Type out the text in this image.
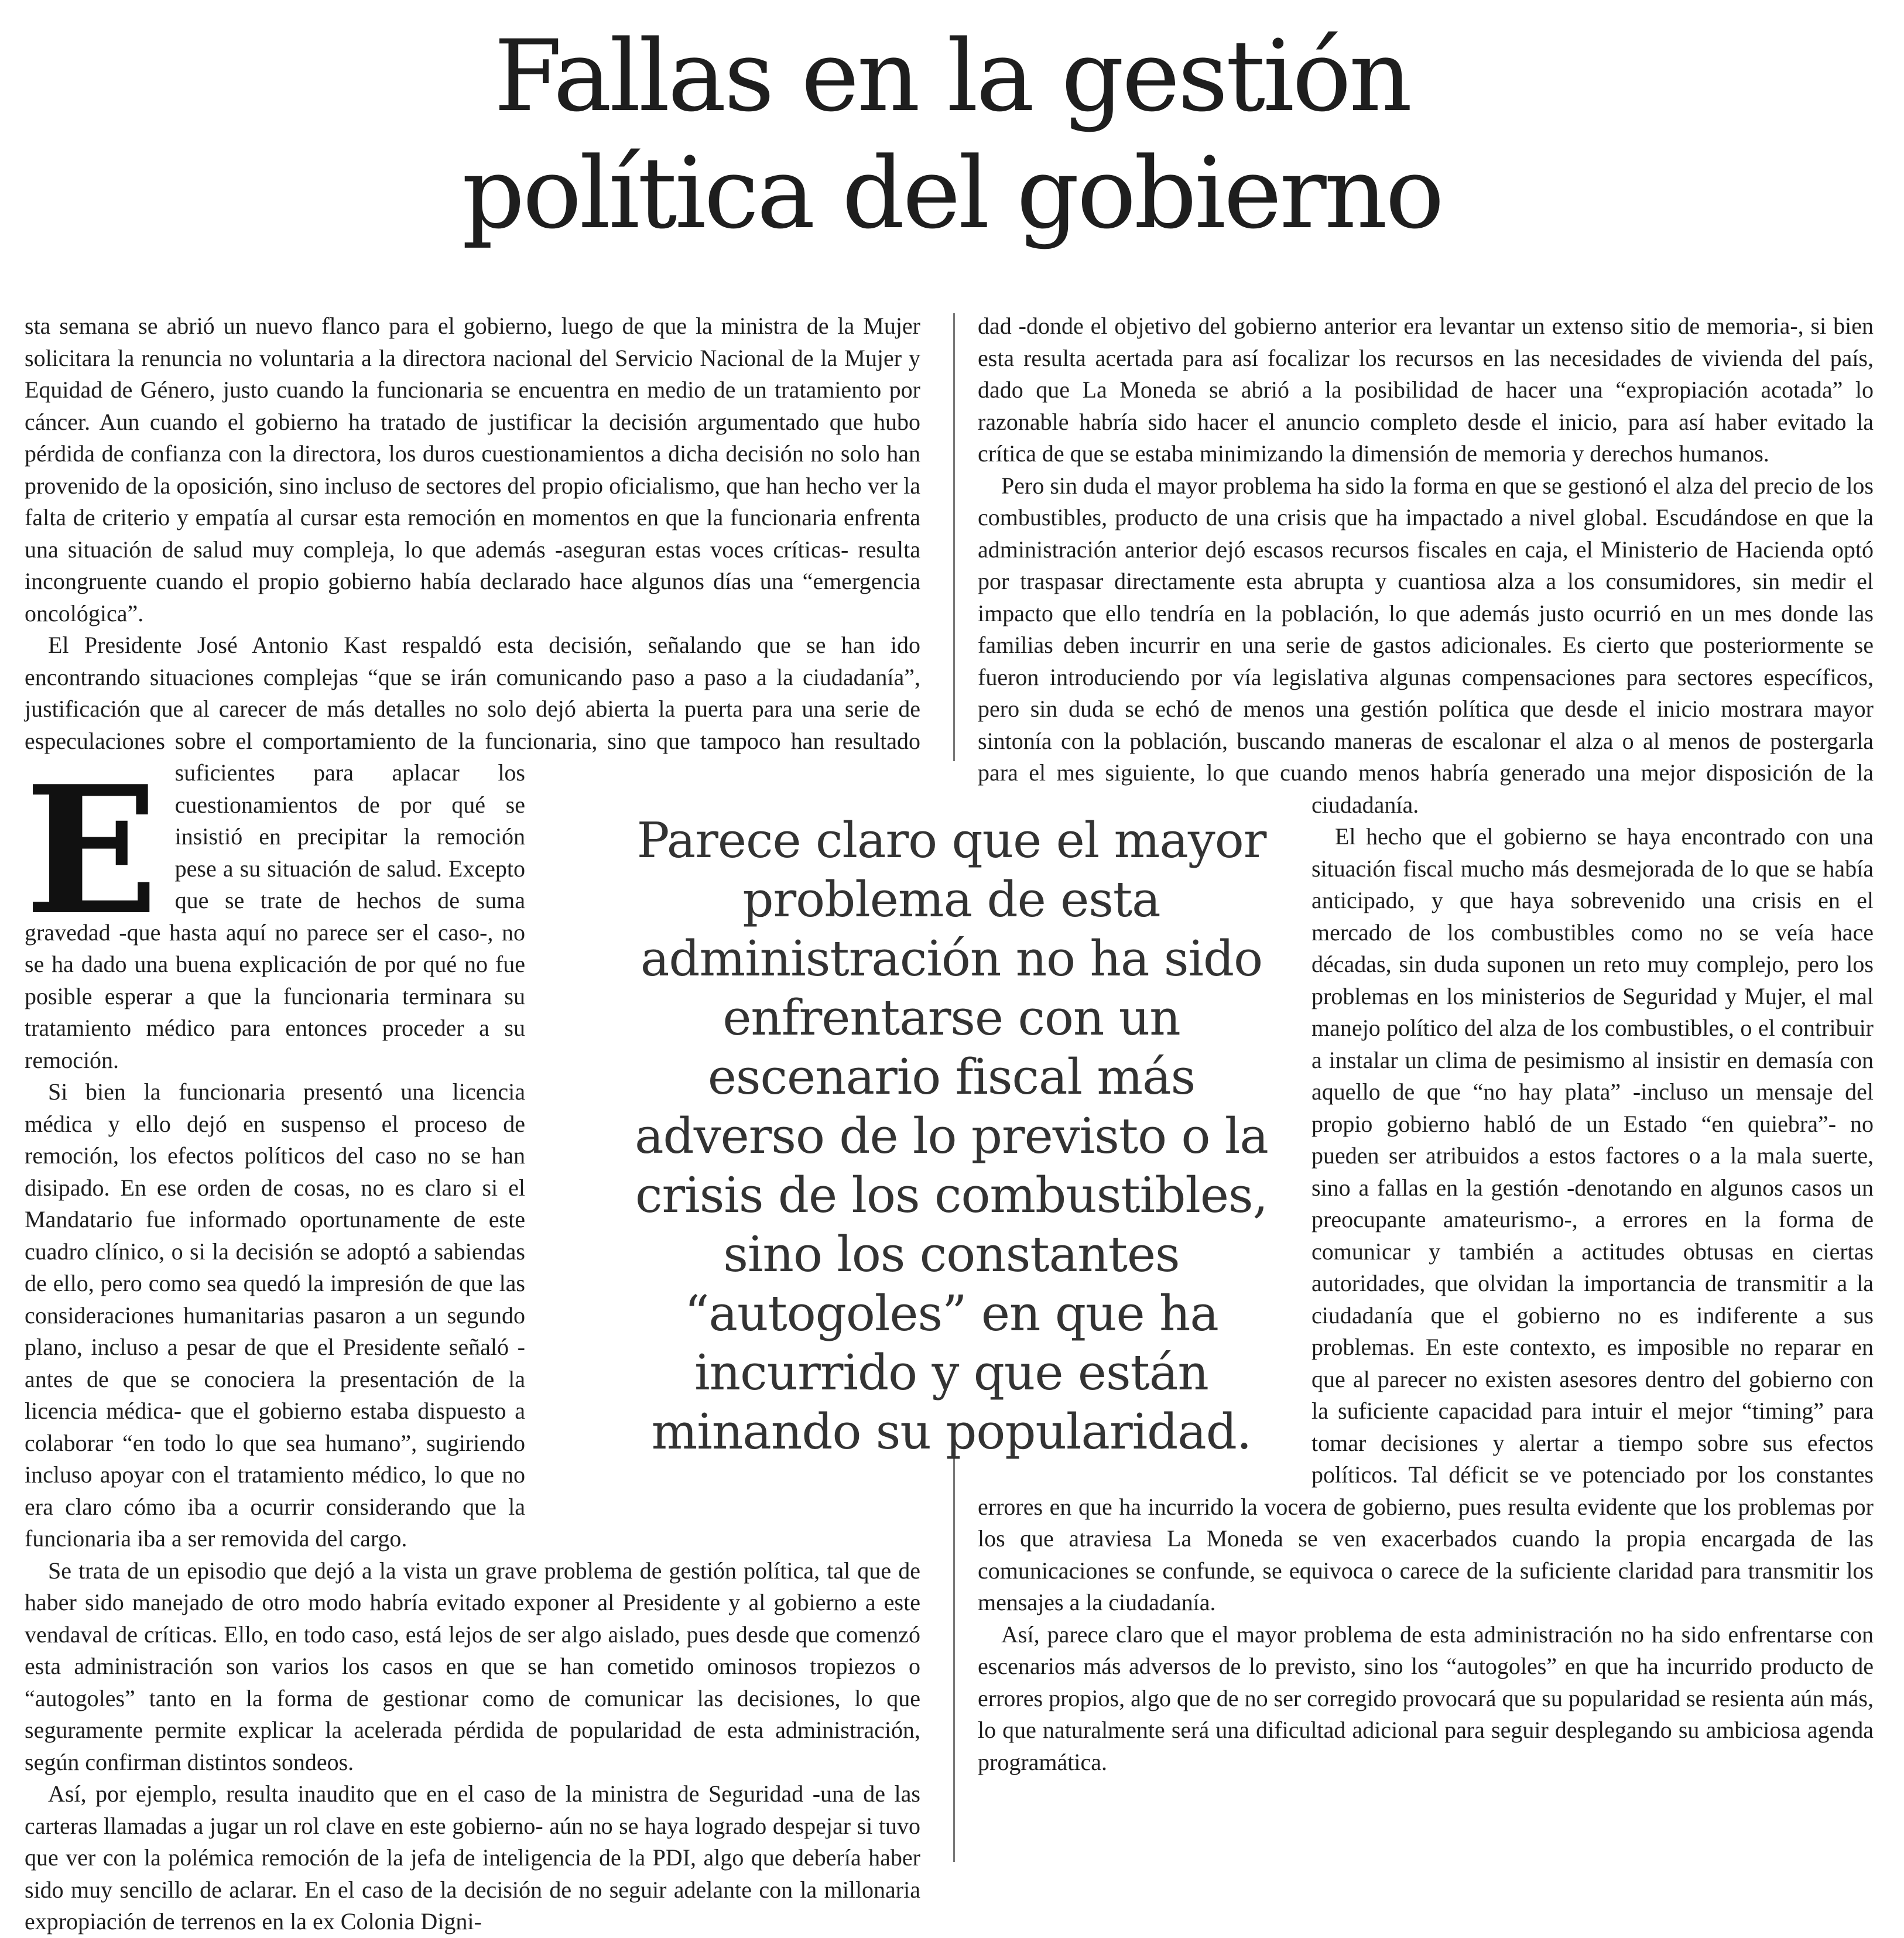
Fallas en la gestión
política del gobierno
E

sta semana se abrió un nuevo flanco para el gobierno, luego de que la ministra de la Mujer solicitara la renuncia no voluntaria a la directora nacional del Servicio Nacional de la Mujer y Equidad de Género, justo cuando la funcionaria se encuentra en medio de un tratamiento por cáncer. Aun cuando el gobierno ha tratado de justificar la decisión argumentado que hubo pérdida de confianza con la directora, los duros cuestionamientos a dicha decisión no solo han provenido de la oposición, sino incluso de sectores del propio oficialismo, que han hecho ver la falta de criterio y empatía al cursar esta remoción en momentos en que la funcionaria enfrenta una situación de salud muy compleja, lo que además -aseguran estas voces críticas- resulta incongruente cuando el propio gobierno había declarado hace algunos días una “emergencia oncológica”.

El Presidente José Antonio Kast respaldó esta decisión, señalando que se han ido encontrando situaciones complejas “que se irán comunicando paso a paso a la ciudadanía”, justificación que al carecer de más detalles no solo dejó abierta la puerta para una serie de especulaciones sobre el comportamiento de la funcionaria, sino que tampoco han resultado suficientes para aplacar los cuestionamientos de por qué se insistió en precipitar la remoción pese a su situación de salud. Excepto que se trate de hechos de suma gravedad -que hasta aquí no parece ser el caso-, no se ha dado una buena explicación de por qué no fue posible esperar a que la funcionaria terminara su tratamiento médico para entonces proceder a su remoción.

Si bien la funcionaria presentó una licencia médica y ello dejó en suspenso el proceso de remoción, los efectos políticos del caso no se han disipado. En ese orden de cosas, no es claro si el Mandatario fue informado oportunamente de este cuadro clínico, o si la decisión se adoptó a sabiendas de ello, pero como sea quedó la impresión de que las consideraciones humanitarias pasaron a un segundo plano, incluso a pesar de que el Presidente señaló -antes de que se conociera la presentación de la licencia médica- que el gobierno estaba dispuesto a colaborar “en todo lo que sea humano”, sugiriendo incluso apoyar con el tratamiento médico, lo que no era claro cómo iba a ocurrir considerando que la funcionaria iba a ser removida del cargo.

Se trata de un episodio que dejó a la vista un grave problema de gestión política, tal que de haber sido manejado de otro modo habría evitado exponer al Presidente y al gobierno a este vendaval de críticas. Ello, en todo caso, está lejos de ser algo aislado, pues desde que comenzó esta administración son varios los casos en que se han cometido ominosos tropiezos o “autogoles” tanto en la forma de gestionar como de comunicar las decisiones, lo que seguramente permite explicar la acelerada pérdida de popularidad de esta administración, según confirman distintos sondeos.

Así, por ejemplo, resulta inaudito que en el caso de la ministra de Seguridad -una de las carteras llamadas a jugar un rol clave en este gobierno- aún no se haya logrado despejar si tuvo que ver con la polémica remoción de la jefa de inteligencia de la PDI, algo que debería haber sido muy sencillo de aclarar. En el caso de la decisión de no seguir adelante con la millonaria expropiación de terrenos en la ex Colonia Digni-

dad -donde el objetivo del gobierno anterior era levantar un extenso sitio de memoria-, si bien esta resulta acertada para así focalizar los recursos en las necesidades de vivienda del país, dado que La Moneda se abrió a la posibilidad de hacer una “expropiación acotada” lo razonable habría sido hacer el anuncio completo desde el inicio, para así haber evitado la crítica de que se estaba minimizando la dimensión de memoria y derechos humanos.

Pero sin duda el mayor problema ha sido la forma en que se gestionó el alza del precio de los combustibles, producto de una crisis que ha impactado a nivel global. Escudándose en que la administración anterior dejó escasos recursos fiscales en caja, el Ministerio de Hacienda optó por traspasar directamente esta abrupta y cuantiosa alza a los consumidores, sin medir el impacto que ello tendría en la población, lo que además justo ocurrió en un mes donde las familias deben incurrir en una serie de gastos adicionales. Es cierto que posteriormente se fueron introduciendo por vía legislativa algunas compensaciones para sectores específicos, pero sin duda se echó de menos una gestión política que desde el inicio mostrara mayor sintonía con la población, buscando maneras de escalonar el alza o al menos de postergarla para el mes siguiente, lo que cuando menos habría generado una mejor disposición de la ciudadanía.

El hecho que el gobierno se haya encontrado con una situación fiscal mucho más desmejorada de lo que se había anticipado, y que haya sobrevenido una crisis en el mercado de los combustibles como no se veía hace décadas, sin duda suponen un reto muy complejo, pero los problemas en los ministerios de Seguridad y Mujer, el mal manejo político del alza de los combustibles, o el contribuir a instalar un clima de pesimismo al insistir en demasía con aquello de que “no hay plata” -incluso un mensaje del propio gobierno habló de un Estado “en quiebra”- no pueden ser atribuidos a estos factores o a la mala suerte, sino a fallas en la gestión -denotando en algunos casos un preocupante amateurismo-, a errores en la forma de comunicar y también a actitudes obtusas en ciertas autoridades, que olvidan la importancia de transmitir a la ciudadanía que el gobierno no es indiferente a sus problemas. En este contexto, es imposible no reparar en que al parecer no existen asesores dentro del gobierno con la suficiente capacidad para intuir el mejor “timing” para tomar decisiones y alertar a tiempo sobre sus efectos políticos. Tal déficit se ve potenciado por los constantes errores en que ha incurrido la vocera de gobierno, pues resulta evidente que los problemas por los que atraviesa La Moneda se ven exacerbados cuando la propia encargada de las comunicaciones se confunde, se equivoca o carece de la suficiente claridad para transmitir los mensajes a la ciudadanía.

Así, parece claro que el mayor problema de esta administración no ha sido enfrentarse con escenarios más adversos de lo previsto, sino los “autogoles” en que ha incurrido producto de errores propios, algo que de no ser corregido provocará que su popularidad se resienta aún más, lo que naturalmente será una dificultad adicional para seguir desplegando su ambiciosa agenda programática.

Parece claro que el mayor problema de esta administración no ha sido enfrentarse con un escenario fiscal más adverso de lo previsto o la crisis de los combustibles, sino los constantes “autogoles” en que ha incurrido y que están minando su popularidad.
